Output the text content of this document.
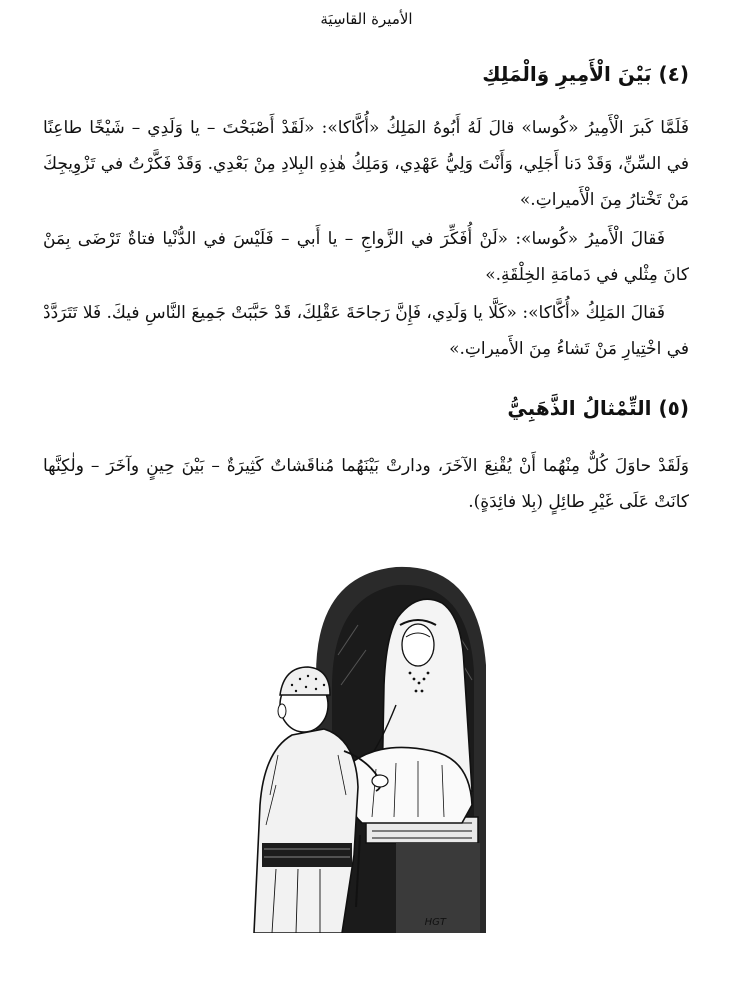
الأميرة القاسِيَة
(٤) بَيْنَ الْأَمِيرِ وَالْمَلِكِ

فَلَمَّا كَبرَ الْأَمِيرُ «كُوسا» قالَ لَهُ أَبُوهُ المَلِكُ «أُكَّاكا»: «لَقَدْ أَصْبَحْتَ – يا وَلَدِي – شَيْخًا طاعِنًا في السِّنِّ، وَقَدْ دَنا أَجَلِي، وَأَنْتَ وَلِيُّ عَهْدِي، وَمَلِكُ هٰذِهِ البِلادِ مِنْ بَعْدِي. وَقَدْ فَكَّرْتُ في تَزْوِيجِكَ مَنْ تَخْتارُ مِنَ الْأَميراتِ.»

فَقالَ الْأَميرُ «كُوسا»: «لَنْ أُفَكِّرَ في الزَّواجِ – يا أَبي – فَلَيْسَ في الدُّنْيا فتاةٌ تَرْضَى بِمَنْ كانَ مِثْلي في دَمامَةِ الخِلْقَةِ.»

فَقالَ المَلِكُ «أُكَّاكا»: «كَلَّا يا وَلَدِي، فَإِنَّ رَجاحَةَ عَقْلِكَ، قَدْ حَبَّبَتْ جَمِيعَ النَّاسِ فيكَ. فَلا تَتَرَدَّدْ في اخْتِيارِ مَنْ تَشاءُ مِنَ الأَميراتِ.»

(٥) التِّمْثالُ الذَّهَبِيُّ

وَلَقَدْ حاوَلَ كُلٌّ مِنْهُما أَنْ يُقْنِعَ الآخَرَ، ودارتْ بَيْنَهُما مُناقَشاتٌ كَثِيرَةٌ – بَيْنَ حِينٍ وآخَرَ – ولٰكِنَّها كانَتْ عَلَى غَيْرِ طائِلٍ (بِلا فائِدَةٍ).

HGT
